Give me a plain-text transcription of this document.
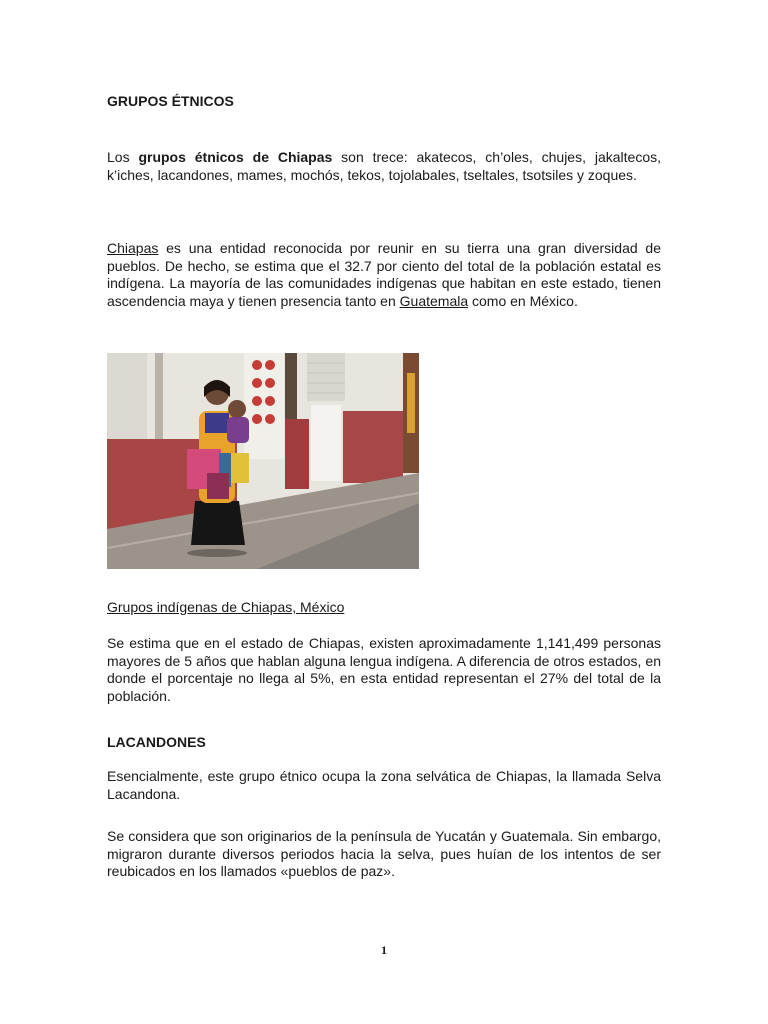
GRUPOS ÉTNICOS

Los grupos étnicos de Chiapas son trece: akatecos, ch’oles, chujes, jakaltecos, k’iches, lacandones, mames, mochós, tekos, tojolabales, tseltales, tsotsiles y zoques.

Chiapas es una entidad reconocida por reunir en su tierra una gran diversidad de pueblos. De hecho, se estima que el 32.7 por ciento del total de la población estatal es indígena. La mayoría de las comunidades indígenas que habitan en este estado, tienen ascendencia maya y tienen presencia tanto en Guatemala como en México.

Grupos indígenas de Chiapas, México

Se estima que en el estado de Chiapas, existen aproximadamente 1,141,499 personas mayores de 5 años que hablan alguna lengua indígena. A diferencia de otros estados, en donde el porcentaje no llega al 5%, en esta entidad representan el 27% del total de la población.

LACANDONES

Esencialmente, este grupo étnico ocupa la zona selvática de Chiapas, la llamada Selva Lacandona.

Se considera que son originarios de la península de Yucatán y Guatemala. Sin embargo, migraron durante diversos periodos hacia la selva, pues huían de los intentos de ser reubicados en los llamados «pueblos de paz».

1
